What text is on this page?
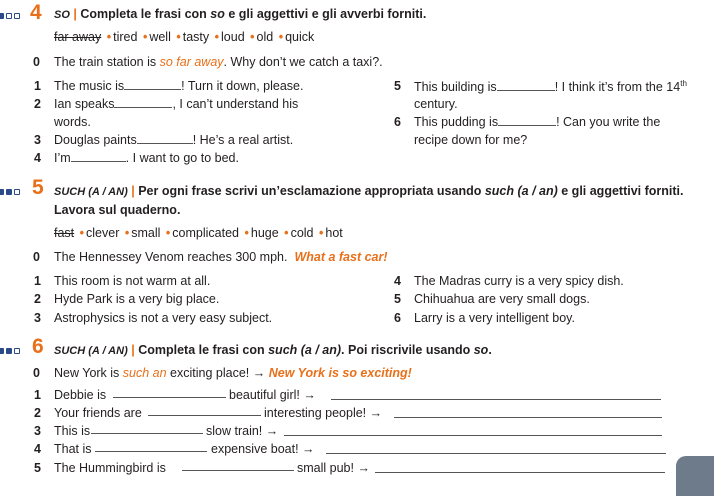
4 SO | Completa le frasi con so e gli aggettivi e gli avverbi forniti.
far away • tired • well • tasty • loud • old • quick
0 The train station is so far away. Why don’t we catch a taxi?.
1 The music is	! Turn it down, please.
2 Ian speaks	, I can’t understand his
words.
3 Douglas paints	! He’s a real artist.
4 I’m	. I want to go to bed.
5 This building is	! I think it’s from the 14th
century.
6 This pudding is	! Can you write the
recipe down for me?
5 SUCH (A / AN) | Per ogni frase scrivi un’esclamazione appropriata usando such (a / an) e gli aggettivi forniti.
Lavora sul quaderno.
fast • clever • small • complicated • huge • cold • hot
0 The Hennessey Venom reaches 300 mph. What a fast car!
1 This room is not warm at all.
2 Hyde Park is a very big place.
3 Astrophysics is not a very easy subject.
4 The Madras curry is a very spicy dish.
5 Chihuahua are very small dogs.
6 Larry is a very intelligent boy.
6 SUCH (A / AN) | Completa le frasi con such (a / an). Poi riscrivile usando so.
0 New York is such an exciting place! → New York is so exciting!
1 Debbie is	beautiful girl! →
2 Your friends are	interesting people! →
3 This is	slow train! →
4 That is	expensive boat! →
5 The Hummingbird is	small pub! →
